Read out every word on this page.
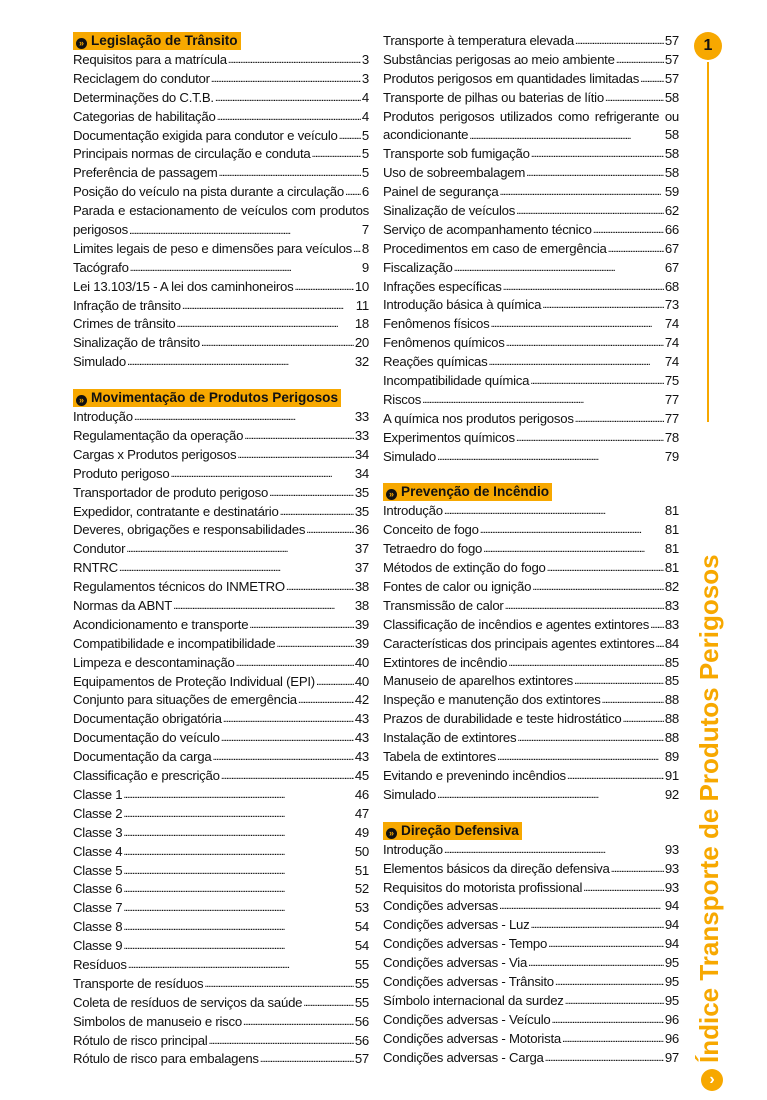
» Legislação de Trânsito
Requisitos para a matrícula . . .	3
Reciclagem do condutor . . .	3
Determinações do C.T.B. . . .	4
Categorias de habilitação . . .	4
Documentação exigida para condutor e veículo . . . 5
Principais normas de circulação e conduta . . .	5
Preferência de passagem . . .	5
Posição do veículo na pista durante a circulação . . . 6
Parada e estacionamento de veículos com produtos
perigosos . . .	7
Limites legais de peso e dimensões para veículos . . . 8
Tacógrafo . . .	9
Lei 13.103/15 - A lei dos caminhoneiros . . .	10
Infração de trânsito . . .	11
Crimes de trânsito . . .	18
Sinalização de trânsito . . .	20
Simulado . . .	32
» Movimentação de Produtos Perigosos
Introdução . . .	33
Regulamentação da operação . . .	33
Cargas x Produtos perigosos . . .	34
Produto perigoso . . .	34
Transportador de produto perigoso . . .	35
Expedidor, contratante e destinatário . . .	35
Deveres, obrigações e responsabilidades . . .	36
Condutor . . .	37
RNTRC . . .	37
Regulamentos técnicos do INMETRO . . .	38
Normas da ABNT . . .	38
Acondicionamento e transporte . . .	39
Compatibilidade e incompatibilidade . . .	39
Limpeza e descontaminação . . .	40
Equipamentos de Proteção Individual (EPI) . . .	40
Conjunto para situações de emergência . . .	42
Documentação obrigatória . . .	43
Documentação do veículo . . .	43
Documentação da carga . . .	43
Classificação e prescrição . . .	45
Classe 1 . . .	46
Classe 2 . . .	47
Classe 3 . . .	49
Classe 4 . . .	50
Classe 5 . . .	51
Classe 6 . . .	52
Classe 7 . . .	53
Classe 8 . . .	54
Classe 9 . . .	54
Resíduos . . .	55
Transporte de resíduos . . .	55
Coleta de resíduos de serviços da saúde . . .	55
Simbolos de manuseio e risco . . .	56
Rótulo de risco principal . . .	56
Rótulo de risco para embalagens . . .	57
Transporte à temperatura elevada . . .	57
Substâncias perigosas ao meio ambiente . . .	57
Produtos perigosos em quantidades limitadas . . . 57
Transporte de pilhas ou baterias de lítio . . .	58
Produtos perigosos utilizados como refrigerante ou
acondicionante . . .	58
Transporte sob fumigação . . .	58
Uso de sobreembalagem . . .	58
Painel de segurança . . .	59
Sinalização de veículos . . .	62
Serviço de acompanhamento técnico . . .	66
Procedimentos em caso de emergência . . .	67
Fiscalização . . .	67
Infrações específicas . . .	68
Introdução básica à química . . .	73
Fenômenos físicos . . .	74
Fenômenos químicos . . .	74
Reações químicas . . .	74
Incompatibilidade química . . .	75
Riscos . . .	77
A química nos produtos perigosos . . .	77
Experimentos químicos . . .	78
Simulado . . .	79
» Prevenção de Incêndio
Introdução . . .	81
Conceito de fogo . . .	81
Tetraedro do fogo . . .	81
Métodos de extinção do fogo . . .	81
Fontes de calor ou ignição . . .	82
Transmissão de calor . . .	83
Classificação de incêndios e agentes extintores . . . 83
Características dos principais agentes extintores . . . 84
Extintores de incêndio . . .	85
Manuseio de aparelhos extintores . . .	85
Inspeção e manutenção dos extintores . . .	88
Prazos de durabilidade e teste hidrostático . . .	88
Instalação de extintores . . .	88
Tabela de extintores . . .	89
Evitando e prevenindo incêndios . . .	91
Simulado . . .	92
» Direção Defensiva
Introdução . . .	93
Elementos básicos da direção defensiva . . .	93
Requisitos do motorista profissional . . .	93
Condições adversas . . .	94
Condições adversas - Luz . . .	94
Condições adversas - Tempo . . .	94
Condições adversas - Via . . .	95
Condições adversas - Trânsito . . .	95
Símbolo internacional da surdez . . .	95
Condições adversas - Veículo . . .	96
Condições adversas - Motorista . . .	96
Condições adversas - Carga . . .	97
1
›Índice Transporte de Produtos Perigosos
